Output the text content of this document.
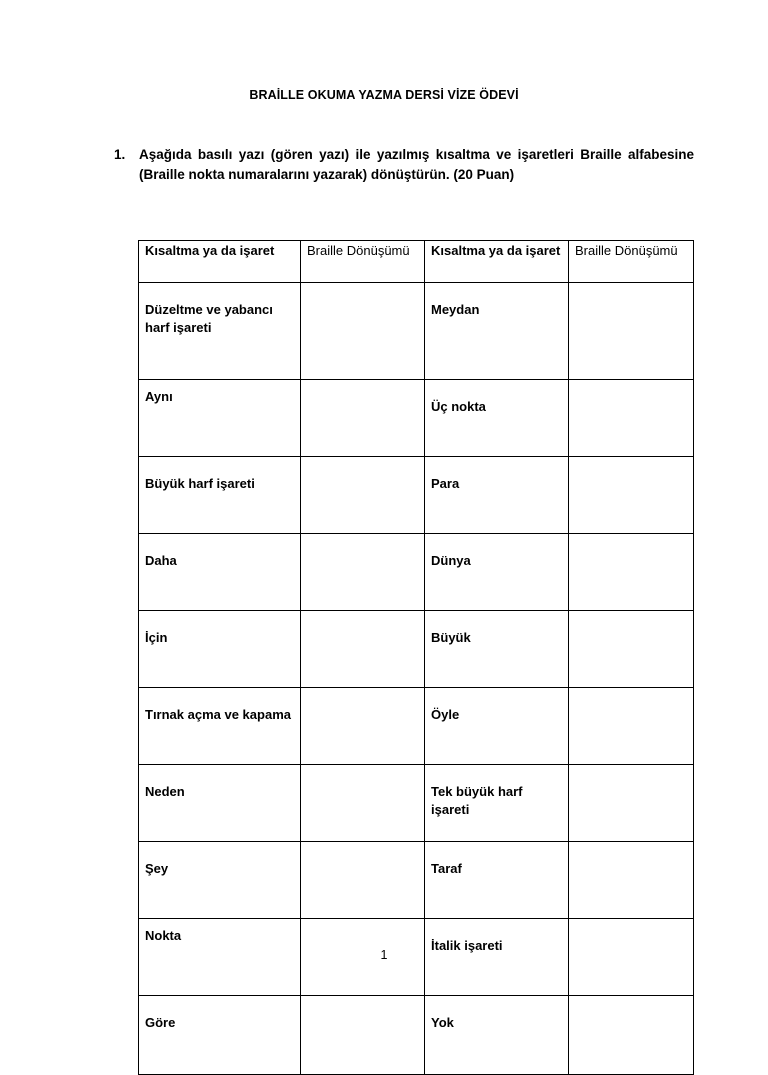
BRAİLLE OKUMA YAZMA DERSİ VİZE ÖDEVİ
1. Aşağıda basılı yazı (gören yazı) ile yazılmış kısaltma ve işaretleri Braille alfabesine (Braille nokta numaralarını yazarak) dönüştürün. (20 Puan)
Kısaltma ya da işaret	Braille Dönüşümü	Kısaltma ya da işaret	Braille Dönüşümü
Düzeltme ve yabancı harf işareti		Meydan	
Aynı		Üç nokta	
Büyük harf işareti		Para	
Daha		Dünya	
İçin		Büyük	
Tırnak açma ve kapama		Öyle	
Neden		Tek büyük harf işareti	
Şey		Taraf	
Nokta		İtalik işareti	
Göre		Yok	
1
